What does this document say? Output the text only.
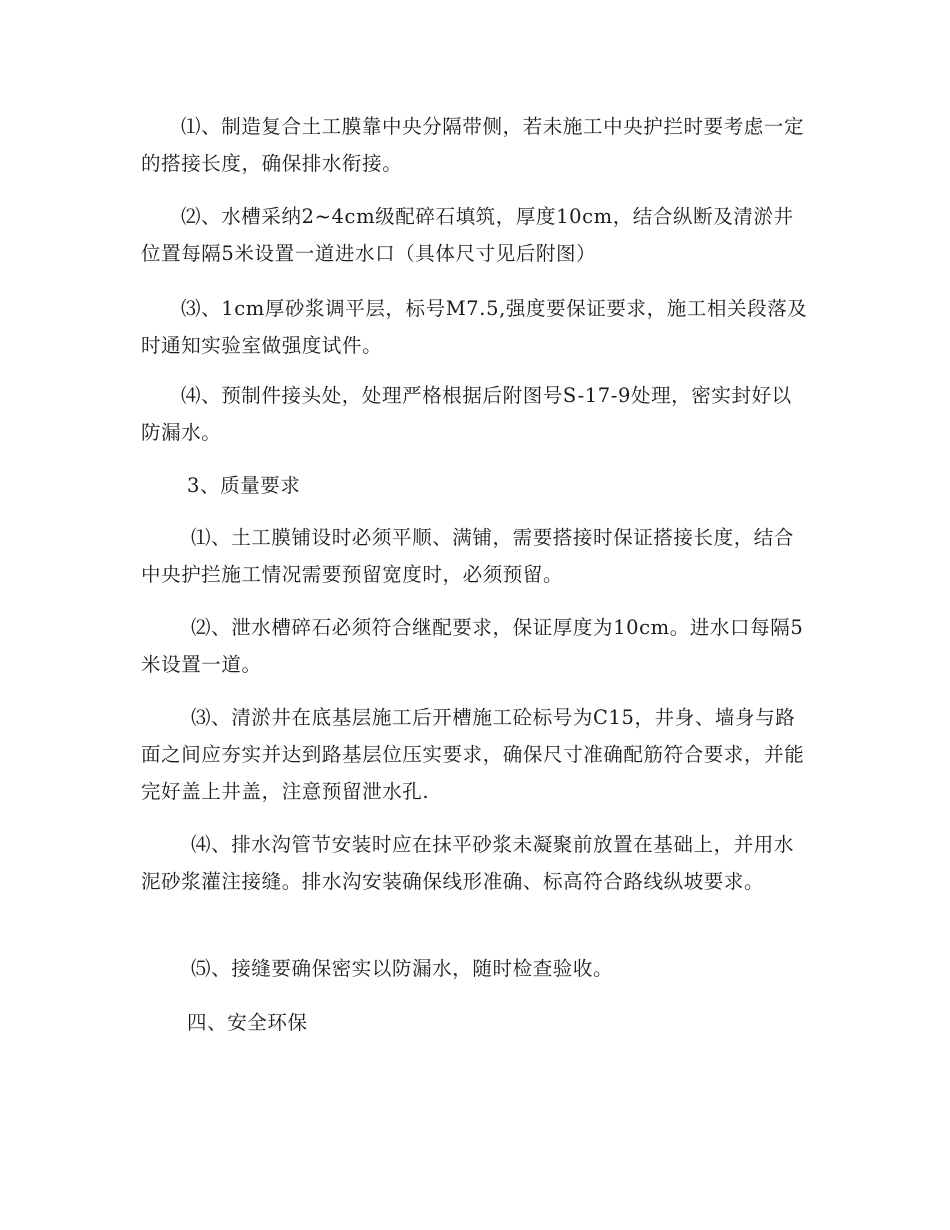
⑴、制造复合土工膜靠中央分隔带侧，若未施工中央护拦时要考虑一定的搭接长度，确保排水衔接。

⑵、水槽采纳2~4cm级配碎石填筑，厚度10cm，结合纵断及清淤井位置每隔5米设置一道进水口（具体尺寸见后附图）

⑶、1cm厚砂浆调平层，标号M7.5,强度要保证要求，施工相关段落及时通知实验室做强度试件。

⑷、预制件接头处，处理严格根据后附图号S-17-9处理，密实封好以防漏水。

3、质量要求

⑴、土工膜铺设时必须平顺、满铺，需要搭接时保证搭接长度，结合中央护拦施工情况需要预留宽度时，必须预留。

⑵、泄水槽碎石必须符合继配要求，保证厚度为10cm。进水口每隔5米设置一道。

⑶、清淤井在底基层施工后开槽施工砼标号为C15，井身、墙身与路面之间应夯实并达到路基层位压实要求，确保尺寸准确配筋符合要求，并能完好盖上井盖，注意预留泄水孔.

⑷、排水沟管节安装时应在抹平砂浆未凝聚前放置在基础上，并用水泥砂浆灌注接缝。排水沟安装确保线形准确、标高符合路线纵坡要求。

⑸、接缝要确保密实以防漏水，随时检查验收。

四、安全环保
